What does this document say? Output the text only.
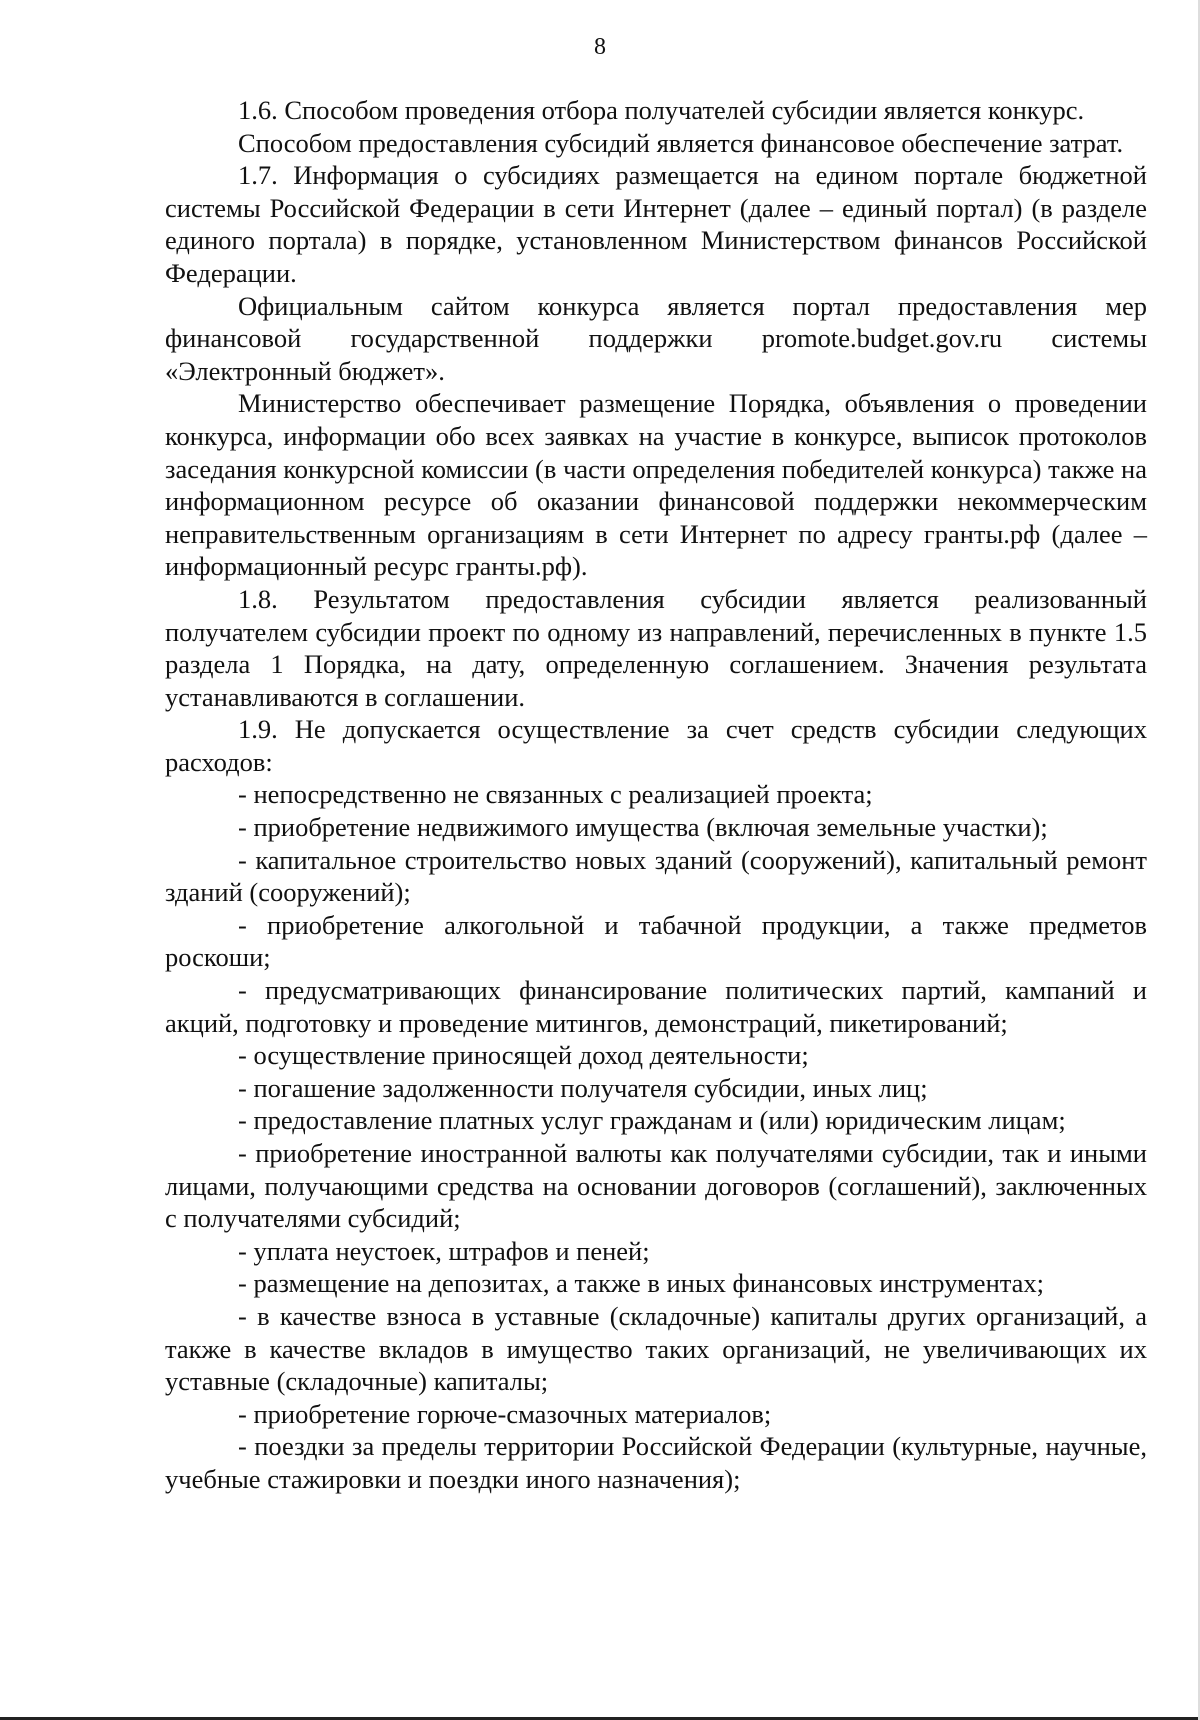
8

1.6. Способом проведения отбора получателей субсидии является конкурс.

Способом предоставления субсидий является финансовое обеспечение затрат.

1.7. Информация о субсидиях размещается на едином портале бюджетной системы Российской Федерации в сети Интернет (далее – единый портал) (в разделе единого портала) в порядке, установленном Министерством финансов Российской Федерации.

Официальным сайтом конкурса является портал предоставления мер финансовой государственной поддержки promote.budget.gov.ru системы «Электронный бюджет».

Министерство обеспечивает размещение Порядка, объявления о проведении конкурса, информации обо всех заявках на участие в конкурсе, выписок протоколов заседания конкурсной комиссии (в части определения победителей конкурса) также на информационном ресурсе об оказании финансовой поддержки некоммерческим неправительственным организациям в сети Интернет по адресу гранты.рф (далее – информационный ресурс гранты.рф).

1.8. Результатом предоставления субсидии является реализованный получателем субсидии проект по одному из направлений, перечисленных в пункте 1.5 раздела 1 Порядка, на дату, определенную соглашением. Значения результата устанавливаются в соглашении.

1.9. Не допускается осуществление за счет средств субсидии следующих расходов:

- непосредственно не связанных с реализацией проекта;

- приобретение недвижимого имущества (включая земельные участки);

- капитальное строительство новых зданий (сооружений), капитальный ремонт зданий (сооружений);

- приобретение алкогольной и табачной продукции, а также предметов роскоши;

- предусматривающих финансирование политических партий, кампаний и акций, подготовку и проведение митингов, демонстраций, пикетирований;

- осуществление приносящей доход деятельности;

- погашение задолженности получателя субсидии, иных лиц;

- предоставление платных услуг гражданам и (или) юридическим лицам;

- приобретение иностранной валюты как получателями субсидии, так и иными лицами, получающими средства на основании договоров (соглашений), заключенных с получателями субсидий;

- уплата неустоек, штрафов и пеней;

- размещение на депозитах, а также в иных финансовых инструментах;

- в качестве взноса в уставные (складочные) капиталы других организаций, а также в качестве вкладов в имущество таких организаций, не увеличивающих их уставные (складочные) капиталы;

- приобретение горюче-смазочных материалов;

- поездки за пределы территории Российской Федерации (культурные, научные, учебные стажировки и поездки иного назначения);
